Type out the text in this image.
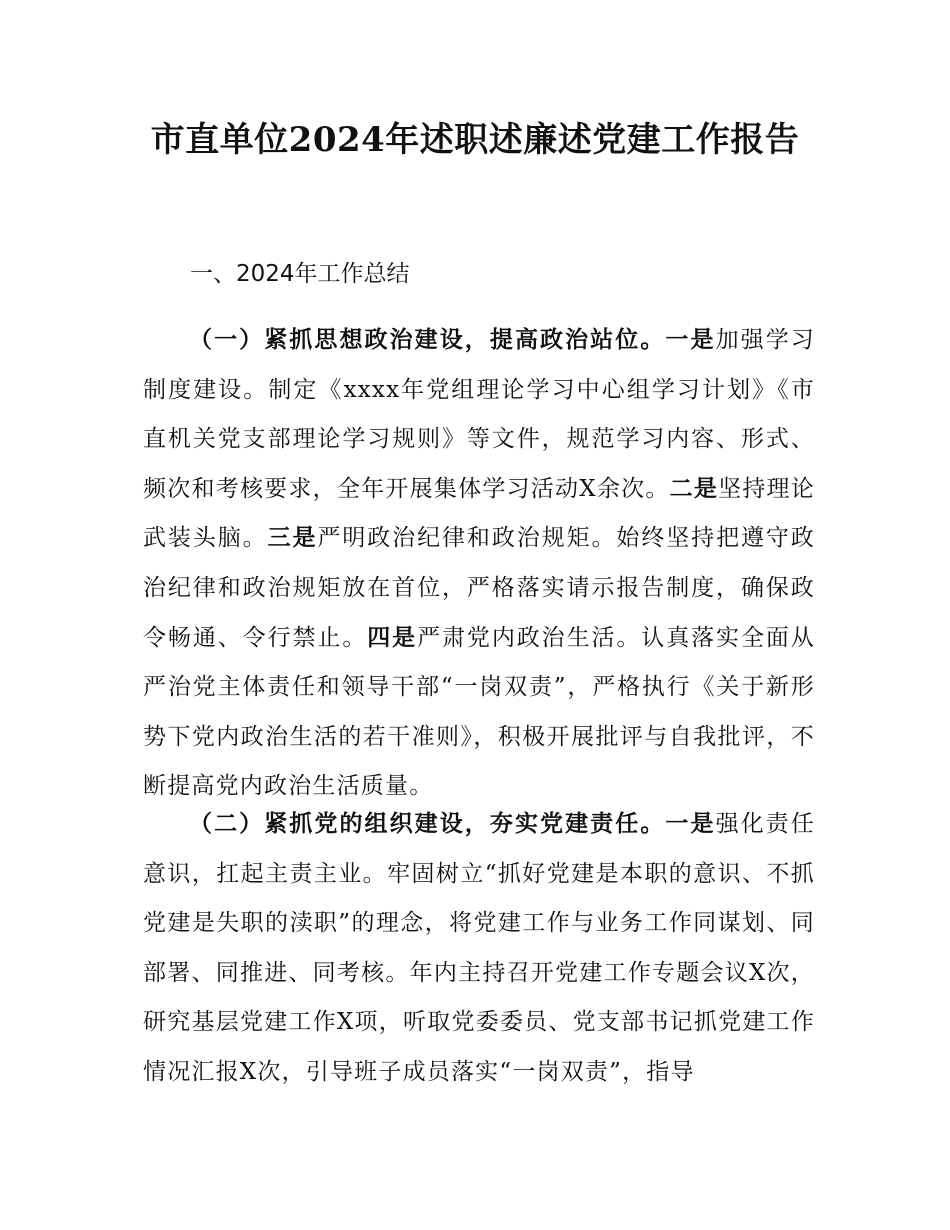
市直单位2024年述职述廉述党建工作报告

一、2024年工作总结

（一）紧抓思想政治建设，提高政治站位。一是加强学习制度建设。制定《xxxx年党组理论学习中心组学习计划》《市直机关党支部理论学习规则》等文件，规范学习内容、形式、频次和考核要求，全年开展集体学习活动X余次。二是坚持理论武装头脑。三是严明政治纪律和政治规矩。始终坚持把遵守政治纪律和政治规矩放在首位，严格落实请示报告制度，确保政令畅通、令行禁止。四是严肃党内政治生活。认真落实全面从严治党主体责任和领导干部“一岗双责”，严格执行《关于新形势下党内政治生活的若干准则》，积极开展批评与自我批评，不断提高党内政治生活质量。

（二）紧抓党的组织建设，夯实党建责任。一是强化责任意识，扛起主责主业。牢固树立“抓好党建是本职的意识、不抓党建是失职的渎职”的理念，将党建工作与业务工作同谋划、同部署、同推进、同考核。年内主持召开党建工作专题会议X次，研究基层党建工作X项，听取党委委员、党支部书记抓党建工作情况汇报X次，引导班子成员落实“一岗双责”，指导
